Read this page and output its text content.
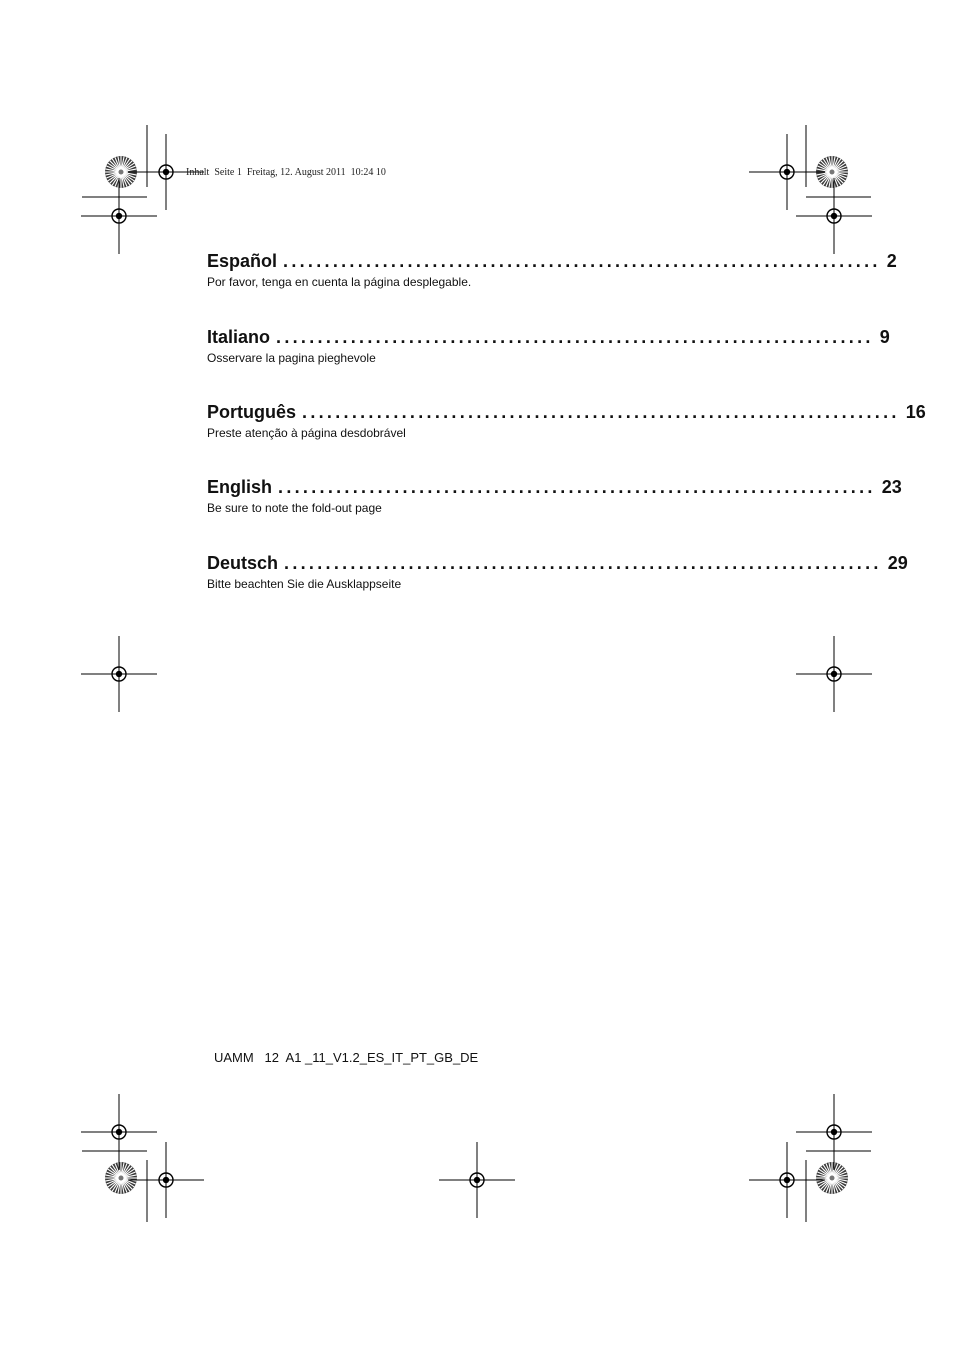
Inhalt  Seite 1  Freitag, 12. August 2011  10:24 10
Español ........................................................................ 2
Por favor, tenga en cuenta la página desplegable.
Italiano ........................................................................ 9
Osservare la pagina pieghevole
Português ........................................................................ 16
Preste atenção à página desdobrável
English ........................................................................ 23
Be sure to note the fold-out page
Deutsch ........................................................................ 29
Bitte beachten Sie die Ausklappseite
UAMM   12  A1 _11_V1.2_ES_IT_PT_GB_DE
